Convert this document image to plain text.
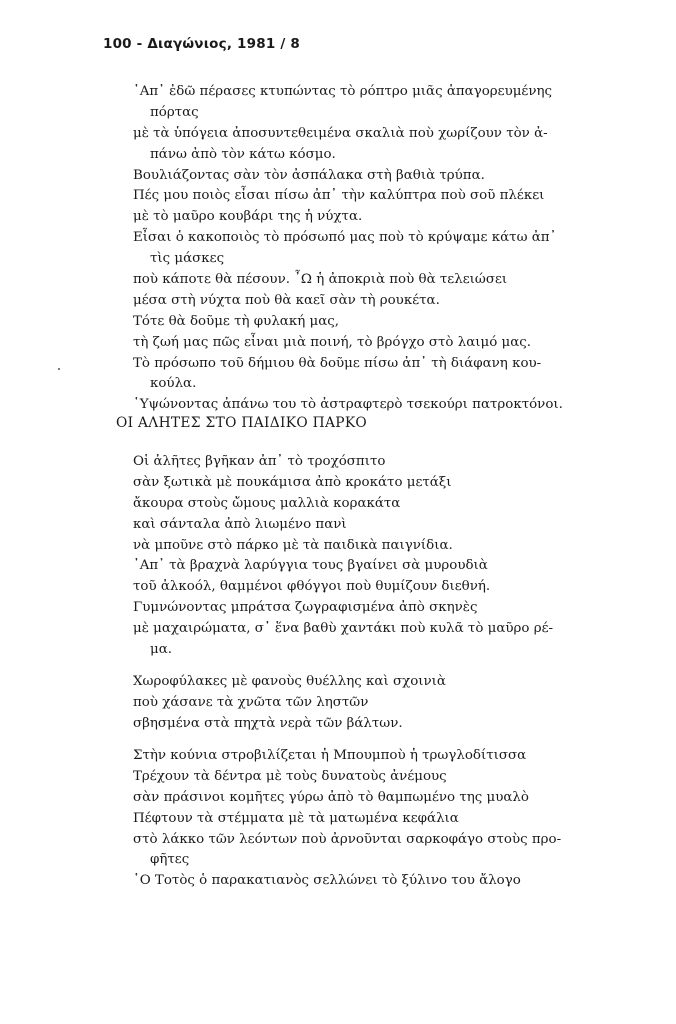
100 - Διαγώνιος, 1981 / 8
᾿Απ᾿ ἐδῶ πέρασες κτυπώντας τὸ ρόπτρο μιᾶς ἀπαγορευμένης
πόρτας
μὲ τὰ ὑπόγεια ἀποσυντεθειμένα σκαλιὰ ποὺ χωρίζουν τὸν ἀ-
πάνω ἀπὸ τὸν κάτω κόσμο.
Βουλιάζοντας σὰν τὸν ἀσπάλακα στὴ βαθιὰ τρύπα.
Πές μου ποιὸς εἶσαι πίσω ἀπ᾿ τὴν καλύπτρα ποὺ σοῦ πλέκει
μὲ τὸ μαῦρο κουβάρι της ἡ νύχτα.
Εἶσαι ὁ κακοποιὸς τὸ πρόσωπό μας ποὺ τὸ κρύψαμε κάτω ἀπ᾿
τὶς μάσκες
ποὺ κάποτε θὰ πέσουν. ῏Ω ἡ ἀποκριὰ ποὺ θὰ τελειώσει
μέσα στὴ νύχτα ποὺ θὰ καεῖ σὰν τὴ ρουκέτα.
Τότε θὰ δοῦμε τὴ φυλακή μας,
τὴ ζωή μας πῶς εἶναι μιὰ ποινή, τὸ βρόγχο στὸ λαιμό μας.
Τὸ πρόσωπο τοῦ δήμιου θὰ δοῦμε πίσω ἀπ᾿ τὴ διάφανη κου-
κούλα.
῾Υψώνοντας ἀπάνω του τὸ ἀστραφτερὸ τσεκούρι πατροκτόνοι.
ΟΙ ΑΛΗΤΕΣ ΣΤΟ ΠΑΙΔΙΚΟ ΠΑΡΚΟ
Οἱ ἀλῆτες βγῆκαν ἀπ᾿ τὸ τροχόσπιτο
σὰν ξωτικὰ μὲ πουκάμισα ἀπὸ κροκάτο μετάξι
ἄκουρα στοὺς ὤμους μαλλιὰ κορακάτα
καὶ σάνταλα ἀπὸ λιωμένο πανὶ
νὰ μποῦνε στὸ πάρκο μὲ τὰ παιδικὰ παιγνίδια.
᾿Απ᾿ τὰ βραχνὰ λαρύγγια τους βγαίνει σὰ μυρουδιὰ
τοῦ ἀλκοόλ, θαμμένοι φθόγγοι ποὺ θυμίζουν διεθνή.
Γυμνώνοντας μπράτσα ζωγραφισμένα ἀπὸ σκηνὲς
μὲ μαχαιρώματα, σ᾿ ἕνα βαθὺ χαντάκι ποὺ κυλᾶ τὸ μαῦρο ρέ-
μα.
Χωροφύλακες μὲ φανοὺς θυέλλης καὶ σχοινιὰ
ποὺ χάσανε τὰ χνῶτα τῶν ληστῶν
σβησμένα στὰ πηχτὰ νερὰ τῶν βάλτων.
Στὴν κούνια στροβιλίζεται ἡ Μπουμποὺ ἡ τρωγλοδίτισσα
Τρέχουν τὰ δέντρα μὲ τοὺς δυνατοὺς ἀνέμους
σὰν πράσινοι κομῆτες γύρω ἀπὸ τὸ θαμπωμένο της μυαλὸ
Πέφτουν τὰ στέμματα μὲ τὰ ματωμένα κεφάλια
στὸ λάκκο τῶν λεόντων ποὺ ἀρνοῦνται σαρκοφάγο στοὺς προ-
φῆτες
῾Ο Τοτὸς ὁ παρακατιανὸς σελλώνει τὸ ξύλινο του ἄλογο
